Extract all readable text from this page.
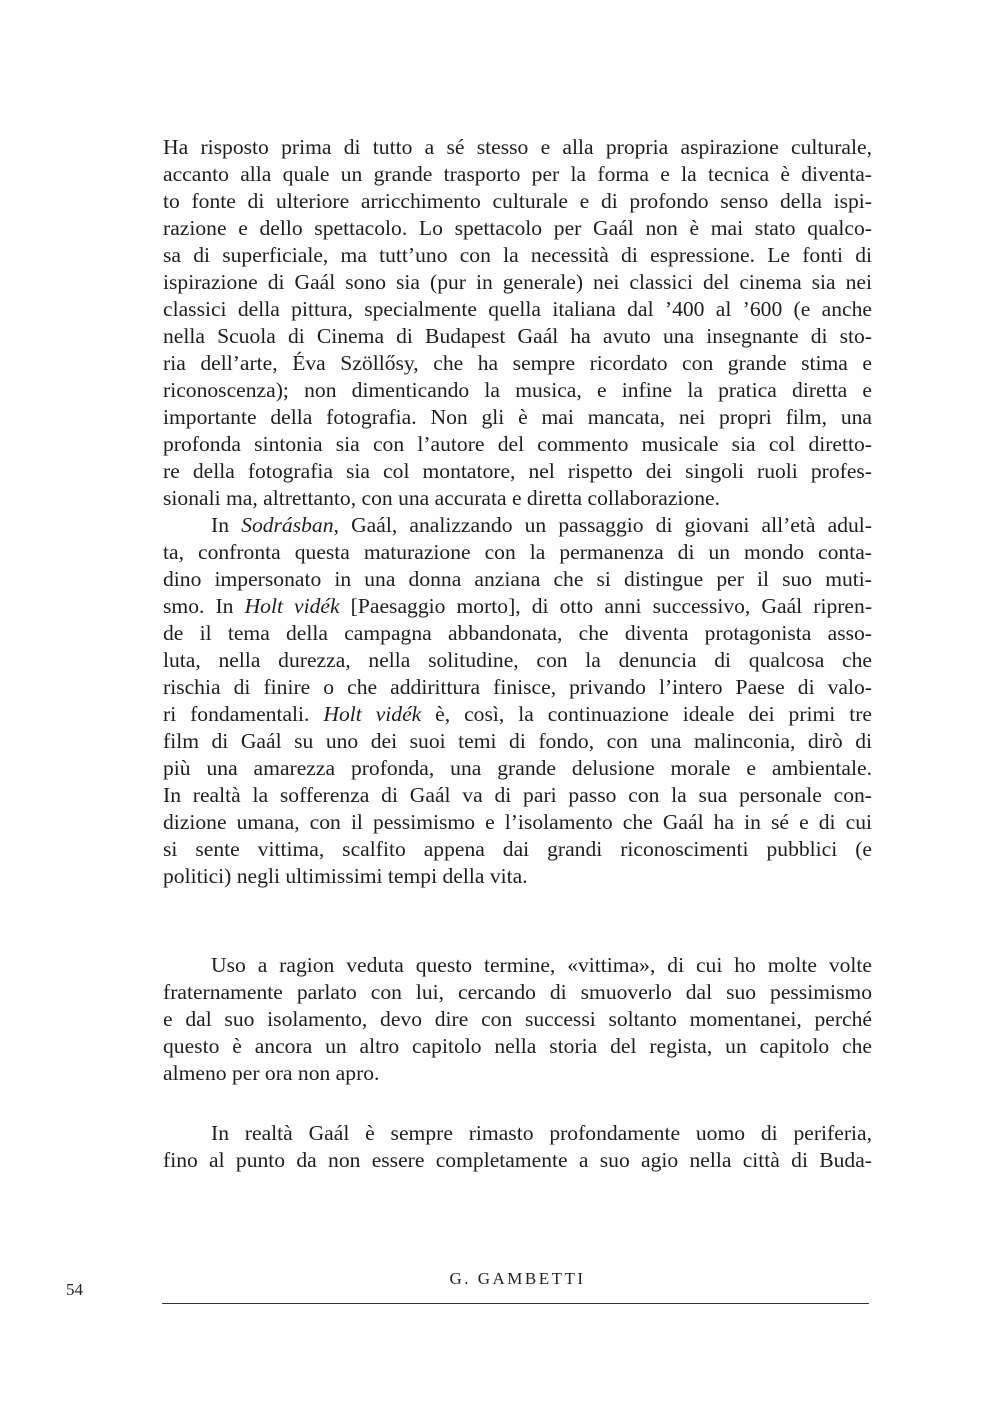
Ha risposto prima di tutto a sé stesso e alla propria aspirazione culturale,
accanto alla quale un grande trasporto per la forma e la tecnica è diventa-
to fonte di ulteriore arricchimento culturale e di profondo senso della ispi-
razione e dello spettacolo. Lo spettacolo per Gaál non è mai stato qualco-
sa di superficiale, ma tutt’uno con la necessità di espressione. Le fonti di
ispirazione di Gaál sono sia (pur in generale) nei classici del cinema sia nei
classici della pittura, specialmente quella italiana dal ’400 al ’600 (e anche
nella Scuola di Cinema di Budapest Gaál ha avuto una insegnante di sto-
ria dell’arte, Éva Szöllősy, che ha sempre ricordato con grande stima e
riconoscenza); non dimenticando la musica, e infine la pratica diretta e
importante della fotografia. Non gli è mai mancata, nei propri film, una
profonda sintonia sia con l’autore del commento musicale sia col diretto-
re della fotografia sia col montatore, nel rispetto dei singoli ruoli profes-
sionali ma, altrettanto, con una accurata e diretta collaborazione.

In Sodrásban, Gaál, analizzando un passaggio di giovani all’età adul-
ta, confronta questa maturazione con la permanenza di un mondo conta-
dino impersonato in una donna anziana che si distingue per il suo muti-
smo. In Holt vidék [Paesaggio morto], di otto anni successivo, Gaál ripren-
de il tema della campagna abbandonata, che diventa protagonista asso-
luta, nella durezza, nella solitudine, con la denuncia di qualcosa che
rischia di finire o che addirittura finisce, privando l’intero Paese di valo-
ri fondamentali. Holt vidék è, così, la continuazione ideale dei primi tre
film di Gaál su uno dei suoi temi di fondo, con una malinconia, dirò di
più una amarezza profonda, una grande delusione morale e ambientale.
In realtà la sofferenza di Gaál va di pari passo con la sua personale con-
dizione umana, con il pessimismo e l’isolamento che Gaál ha in sé e di cui
si sente vittima, scalfito appena dai grandi riconoscimenti pubblici (e
politici) negli ultimissimi tempi della vita.

Uso a ragion veduta questo termine, «vittima», di cui ho molte volte
fraternamente parlato con lui, cercando di smuoverlo dal suo pessimismo
e dal suo isolamento, devo dire con successi soltanto momentanei, perché
questo è ancora un altro capitolo nella storia del regista, un capitolo che
almeno per ora non apro.

In realtà Gaál è sempre rimasto profondamente uomo di periferia,
fino al punto da non essere completamente a suo agio nella città di Buda-

54
G. GAMBETTI
